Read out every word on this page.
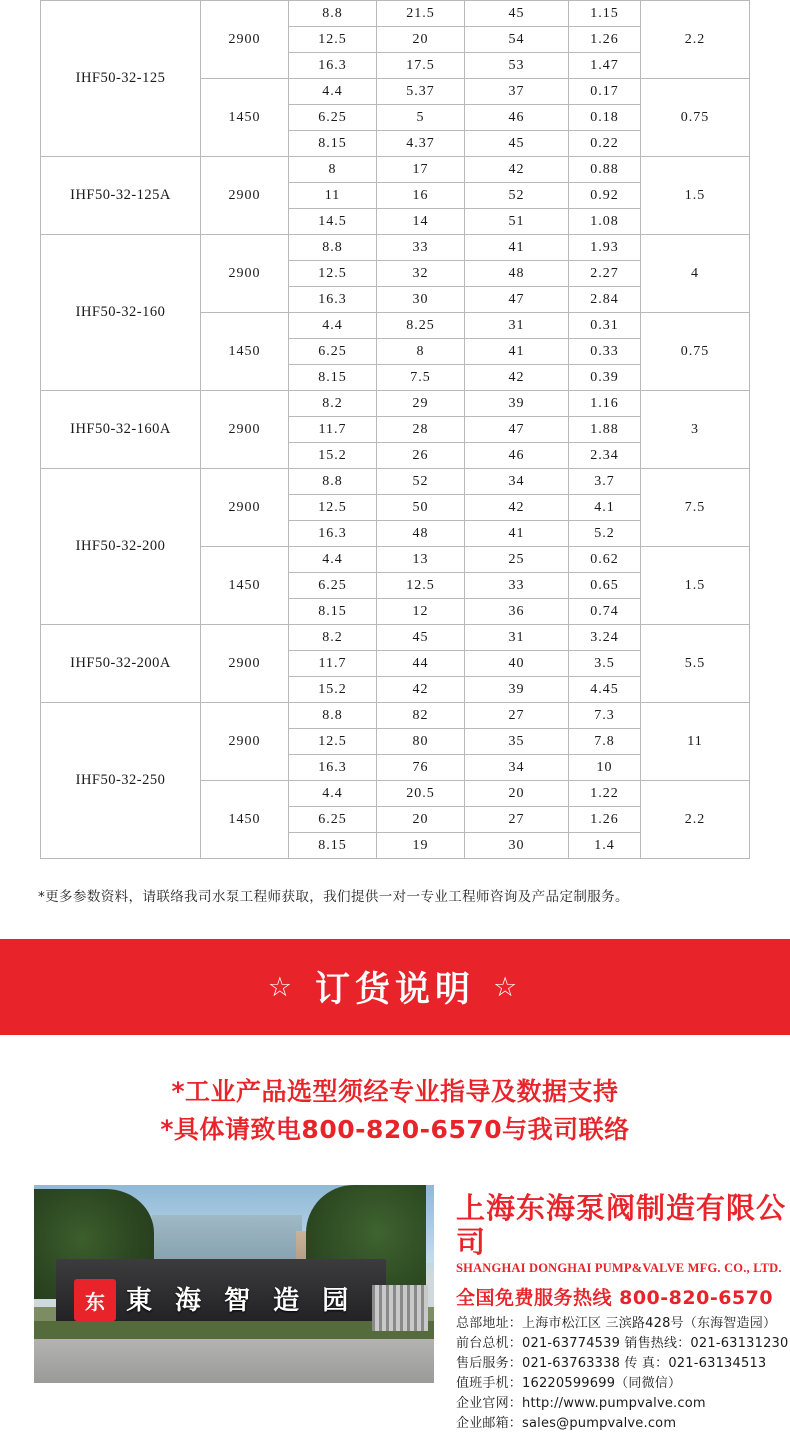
IHF50-32-125	2900	8.8	21.5	45	1.15	2.2
		12.5	20	54	1.26	
		16.3	17.5	53	1.47	
	1450	4.4	5.37	37	0.17	0.75
		6.25	5	46	0.18	
		8.15	4.37	45	0.22	
IHF50-32-125A	2900	8	17	42	0.88	1.5
		11	16	52	0.92	
		14.5	14	51	1.08	
IHF50-32-160	2900	8.8	33	41	1.93	4
		12.5	32	48	2.27	
		16.3	30	47	2.84	
	1450	4.4	8.25	31	0.31	0.75
		6.25	8	41	0.33	
		8.15	7.5	42	0.39	
IHF50-32-160A	2900	8.2	29	39	1.16	3
		11.7	28	47	1.88	
		15.2	26	46	2.34	
IHF50-32-200	2900	8.8	52	34	3.7	7.5
		12.5	50	42	4.1	
		16.3	48	41	5.2	
	1450	4.4	13	25	0.62	1.5
		6.25	12.5	33	0.65	
		8.15	12	36	0.74	
IHF50-32-200A	2900	8.2	45	31	3.24	5.5
		11.7	44	40	3.5	
		15.2	42	39	4.45	
IHF50-32-250	2900	8.8	82	27	7.3	11
		12.5	80	35	7.8	
		16.3	76	34	10	
	1450	4.4	20.5	20	1.22	2.2
		6.25	20	27	1.26	
		8.15	19	30	1.4	
*更多参数资料，请联络我司水泵工程师获取，我们提供一对一专业工程师咨询及产品定制服务。
☆ 订货说明 ☆
*工业产品选型须经专业指导及数据支持
*具体请致电800-820-6570与我司联络
东 東 海 智 造 园
上海东海泵阀制造有限公司
SHANGHAI DONGHAI PUMP&VALVE MFG. CO., LTD.
全国免费服务热线 800-820-6570
总部地址：上海市松江区 三滨路428号（东海智造园）
前台总机：021-63774539 销售热线：021-63131230
售后服务：021-63763338 传 真：021-63134513
值班手机：16220599699（同微信）
企业官网：http://www.pumpvalve.com
企业邮箱：sales@pumpvalve.com
